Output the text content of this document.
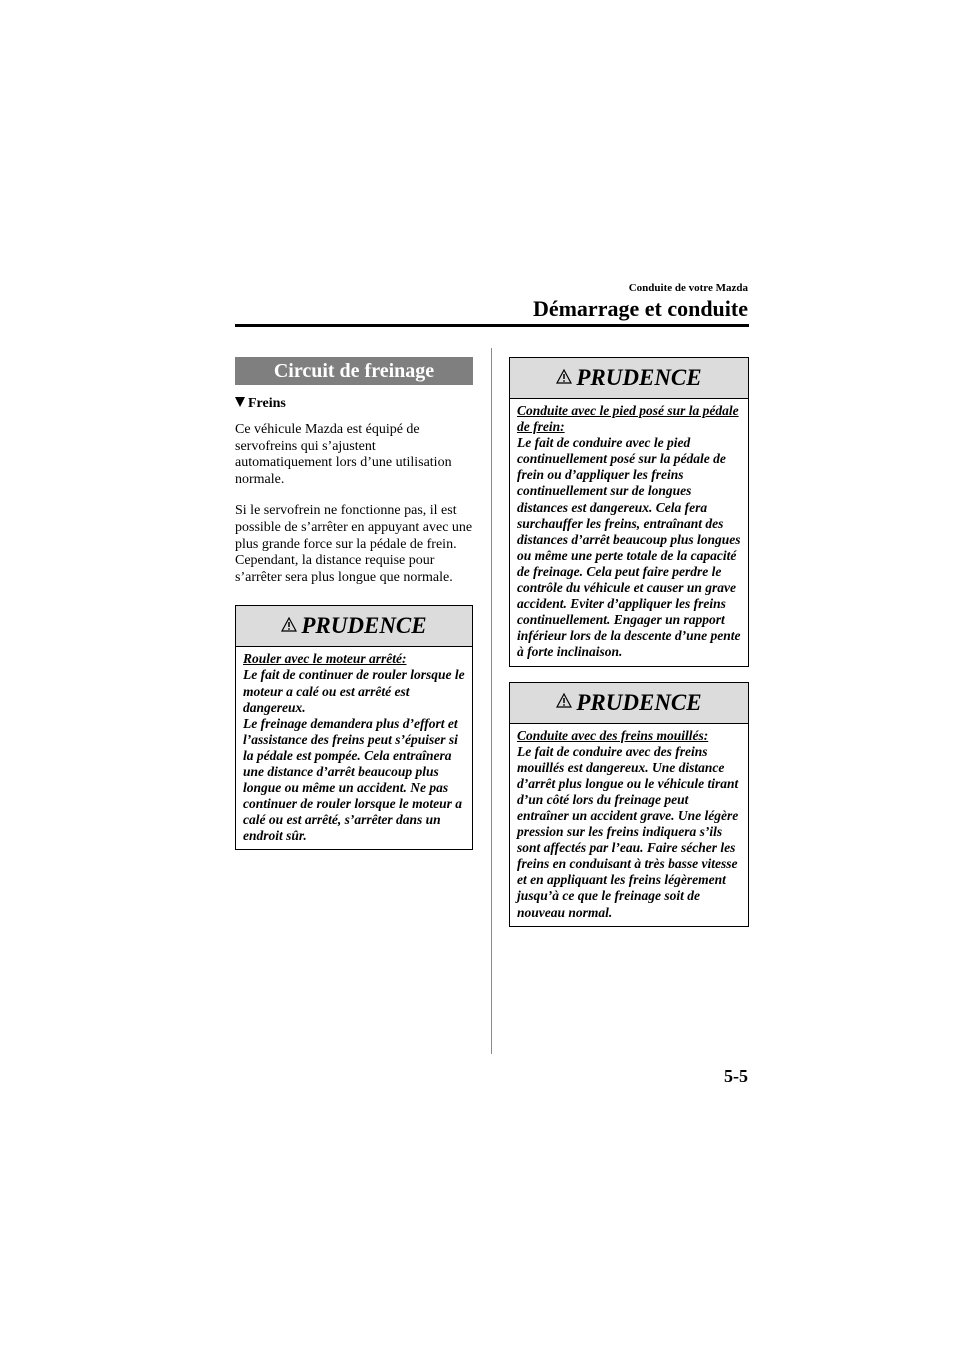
Conduite de votre Mazda
Démarrage et conduite
Circuit de freinage
Freins

Ce véhicule Mazda est équipé de servofreins qui s’ajustent automatiquement lors d’une utilisation normale.

Si le servofrein ne fonctionne pas, il est possible de s’arrêter en appuyant avec une plus grande force sur la pédale de frein. Cependant, la distance requise pour s’arrêter sera plus longue que normale.

PRUDENCE
Rouler avec le moteur arrêté:
Le fait de continuer de rouler lorsque le moteur a calé ou est arrêté est dangereux.
Le freinage demandera plus d’effort et l’assistance des freins peut s’épuiser si la pédale est pompée. Cela entraînera une distance d’arrêt beaucoup plus longue ou même un accident. Ne pas continuer de rouler lorsque le moteur a calé ou est arrêté, s’arrêter dans un endroit sûr.
PRUDENCE
Conduite avec le pied posé sur la pédale de frein:
Le fait de conduire avec le pied continuellement posé sur la pédale de frein ou d’appliquer les freins continuellement sur de longues distances est dangereux. Cela fera surchauffer les freins, entraînant des distances d’arrêt beaucoup plus longues ou même une perte totale de la capacité de freinage. Cela peut faire perdre le contrôle du véhicule et causer un grave accident. Eviter d’appliquer les freins continuellement. Engager un rapport inférieur lors de la descente d’une pente à forte inclinaison.
PRUDENCE
Conduite avec des freins mouillés:
Le fait de conduire avec des freins mouillés est dangereux. Une distance d’arrêt plus longue ou le véhicule tirant d’un côté lors du freinage peut entraîner un accident grave. Une légère pression sur les freins indiquera s’ils sont affectés par l’eau. Faire sécher les freins en conduisant à très basse vitesse et en appliquant les freins légèrement jusqu’à ce que le freinage soit de nouveau normal.
5-5
